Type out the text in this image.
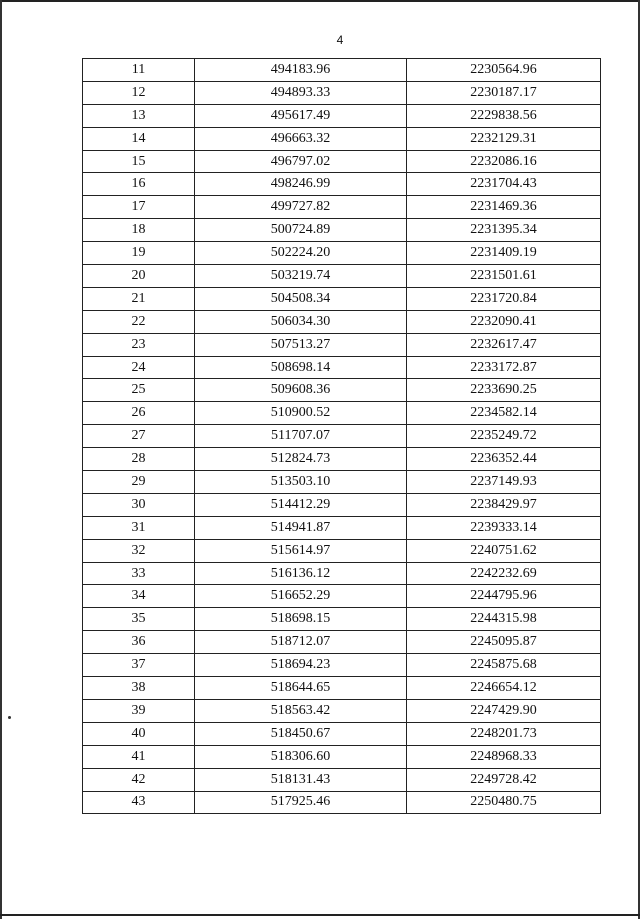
4
11	494183.96	2230564.96
12	494893.33	2230187.17
13	495617.49	2229838.56
14	496663.32	2232129.31
15	496797.02	2232086.16
16	498246.99	2231704.43
17	499727.82	2231469.36
18	500724.89	2231395.34
19	502224.20	2231409.19
20	503219.74	2231501.61
21	504508.34	2231720.84
22	506034.30	2232090.41
23	507513.27	2232617.47
24	508698.14	2233172.87
25	509608.36	2233690.25
26	510900.52	2234582.14
27	511707.07	2235249.72
28	512824.73	2236352.44
29	513503.10	2237149.93
30	514412.29	2238429.97
31	514941.87	2239333.14
32	515614.97	2240751.62
33	516136.12	2242232.69
34	516652.29	2244795.96
35	518698.15	2244315.98
36	518712.07	2245095.87
37	518694.23	2245875.68
38	518644.65	2246654.12
39	518563.42	2247429.90
40	518450.67	2248201.73
41	518306.60	2248968.33
42	518131.43	2249728.42
43	517925.46	2250480.75
